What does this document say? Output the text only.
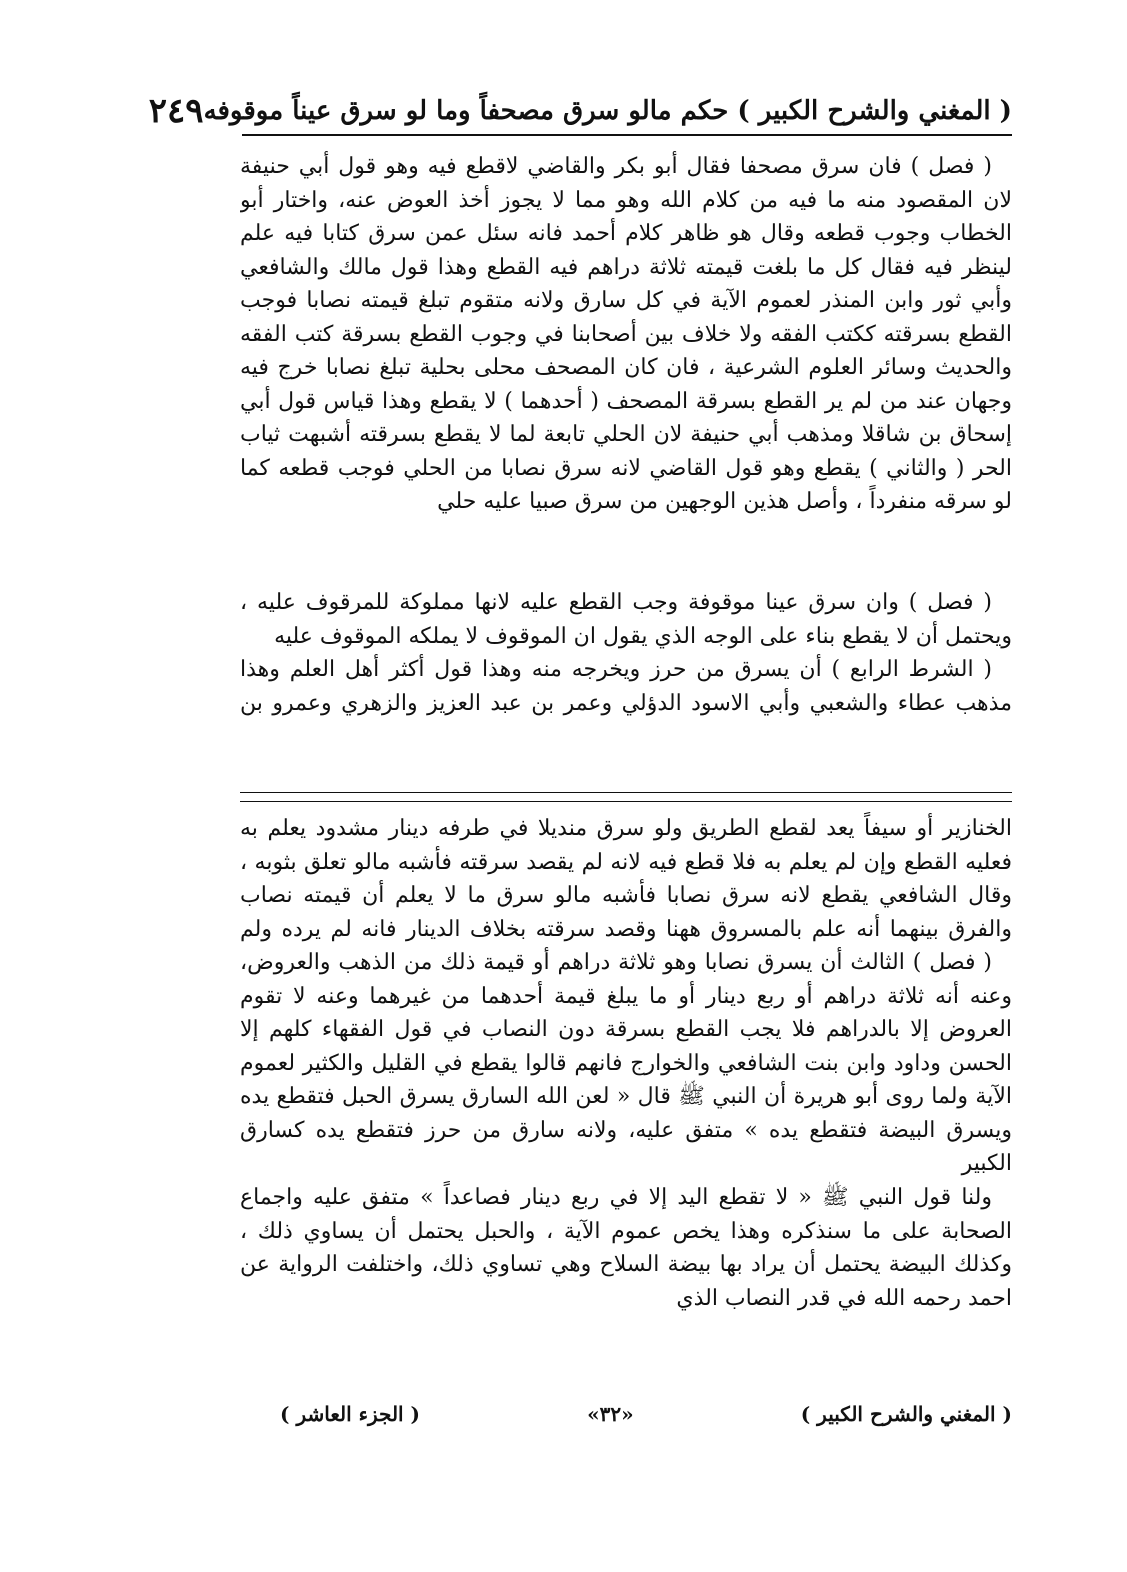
( المغني والشرح الكبير ) حكم مالو سرق مصحفاً وما لو سرق عيناً موقوفه
٢٤٩

( فصل ) فان سرق مصحفا فقال أبو بكر والقاضي لاقطع فيه وهو قول أبي حنيفة لان المقصود منه ما فيه من كلام الله وهو مما لا يجوز أخذ العوض عنه، واختار أبو الخطاب وجوب قطعه وقال هو ظاهر كلام أحمد فانه سئل عمن سرق كتابا فيه علم لينظر فيه فقال كل ما بلغت قيمته ثلاثة دراهم فيه القطع وهذا قول مالك والشافعي وأبي ثور وابن المنذر لعموم الآية في كل سارق ولانه متقوم تبلغ قيمته نصابا فوجب القطع بسرقته ككتب الفقه ولا خلاف بين أصحابنا في وجوب القطع بسرقة كتب الفقه والحديث وسائر العلوم الشرعية ، فان كان المصحف محلى بحلية تبلغ نصابا خرج فيه وجهان عند من لم ير القطع بسرقة المصحف ( أحدهما ) لا يقطع وهذا قياس قول أبي إسحاق بن شاقلا ومذهب أبي حنيفة لان الحلي تابعة لما لا يقطع بسرقته أشبهت ثياب الحر ( والثاني ) يقطع وهو قول القاضي لانه سرق نصابا من الحلي فوجب قطعه كما لو سرقه منفرداً ، وأصل هذين الوجهين من سرق صبيا عليه حلي

( فصل ) وان سرق عينا موقوفة وجب القطع عليه لانها مملوكة للمرقوف عليه ، ويحتمل أن لا يقطع بناء على الوجه الذي يقول ان الموقوف لا يملكه الموقوف عليه

( الشرط الرابع ) أن يسرق من حرز ويخرجه منه وهذا قول أكثر أهل العلم وهذا مذهب عطاء والشعبي وأبي الاسود الدؤلي وعمر بن عبد العزيز والزهري وعمرو بن

الخنازير أو سيفاً يعد لقطع الطريق ولو سرق منديلا في طرفه دينار مشدود يعلم به فعليه القطع وإن لم يعلم به فلا قطع فيه لانه لم يقصد سرقته فأشبه مالو تعلق بثوبه ، وقال الشافعي يقطع لانه سرق نصابا فأشبه مالو سرق ما لا يعلم أن قيمته نصاب والفرق بينهما أنه علم بالمسروق ههنا وقصد سرقته بخلاف الدينار فانه لم يرده ولم

( فصل ) الثالث أن يسرق نصابا وهو ثلاثة دراهم أو قيمة ذلك من الذهب والعروض، وعنه أنه ثلاثة دراهم أو ربع دينار أو ما يبلغ قيمة أحدهما من غيرهما وعنه لا تقوم العروض إلا بالدراهم فلا يجب القطع بسرقة دون النصاب في قول الفقهاء كلهم إلا الحسن وداود وابن بنت الشافعي والخوارج فانهم قالوا يقطع في القليل والكثير لعموم الآية ولما روى أبو هريرة أن النبي ﷺ قال « لعن الله السارق يسرق الحبل فتقطع يده ويسرق البيضة فتقطع يده » متفق عليه، ولانه سارق من حرز فتقطع يده كسارق الكبير

ولنا قول النبي ﷺ « لا تقطع اليد إلا في ربع دينار فصاعداً » متفق عليه واجماع الصحابة على ما سنذكره وهذا يخص عموم الآية ، والحبل يحتمل أن يساوي ذلك ، وكذلك البيضة يحتمل أن يراد بها بيضة السلاح وهي تساوي ذلك، واختلفت الرواية عن احمد رحمه الله في قدر النصاب الذي

( المغني والشرح الكبير )
«٣٢»
( الجزء العاشر )
